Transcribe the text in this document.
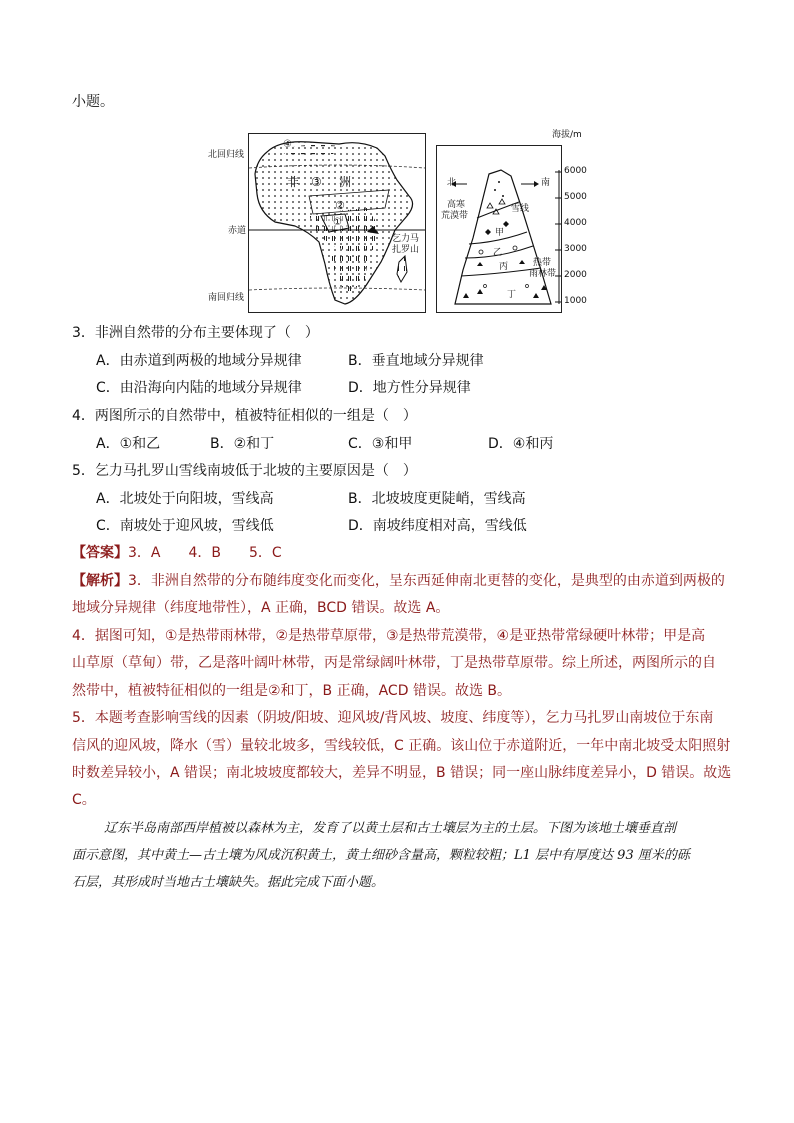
小题。
④
非 ③ 洲
②
①
北回归线
赤道
南回归线
乞力马
扎罗山
北	南
高寒
荒漠带
雪线
甲
乙
丙
丁
热带
雨林带
海拔/m
6000
5000
4000
3000
2000
1000
3．非洲自然带的分布主要体现了（　）
A．由赤道到两极的地域分异规律	B．垂直地域分异规律
C．由沿海向内陆的地域分异规律	D．地方性分异规律
4．两图所示的自然带中，植被特征相似的一组是（　）
A．①和乙	B．②和丁	C．③和甲	D．④和丙
5．乞力马扎罗山雪线南坡低于北坡的主要原因是（　）
A．北坡处于向阳坡，雪线高	B．北坡坡度更陡峭，雪线高
C．南坡处于迎风坡，雪线低	D．南坡纬度相对高，雪线低
【答案】3．A　　4．B　　5．C
【解析】3．非洲自然带的分布随纬度变化而变化，呈东西延伸南北更替的变化，是典型的由赤道到两极的
地域分异规律（纬度地带性），A 正确，BCD 错误。故选 A。
4．据图可知，①是热带雨林带，②是热带草原带，③是热带荒漠带，④是亚热带常绿硬叶林带；甲是高
山草原（草甸）带，乙是落叶阔叶林带，丙是常绿阔叶林带，丁是热带草原带。综上所述，两图所示的自
然带中，植被特征相似的一组是②和丁，B 正确，ACD 错误。故选 B。
5．本题考查影响雪线的因素（阴坡/阳坡、迎风坡/背风坡、坡度、纬度等），乞力马扎罗山南坡位于东南
信风的迎风坡，降水（雪）量较北坡多，雪线较低，C 正确。该山位于赤道附近，一年中南北坡受太阳照射
时数差异较小，A 错误；南北坡坡度都较大，差异不明显，B 错误；同一座山脉纬度差异小，D 错误。故选
C。
辽东半岛南部西岸植被以森林为主，发育了以黄土层和古土壤层为主的土层。下图为该地土壤垂直剖
面示意图，其中黄土—古土壤为风成沉积黄土，黄土细砂含量高，颗粒较粗；L1 层中有厚度达 93 厘米的砾
石层，其形成时当地古土壤缺失。据此完成下面小题。
